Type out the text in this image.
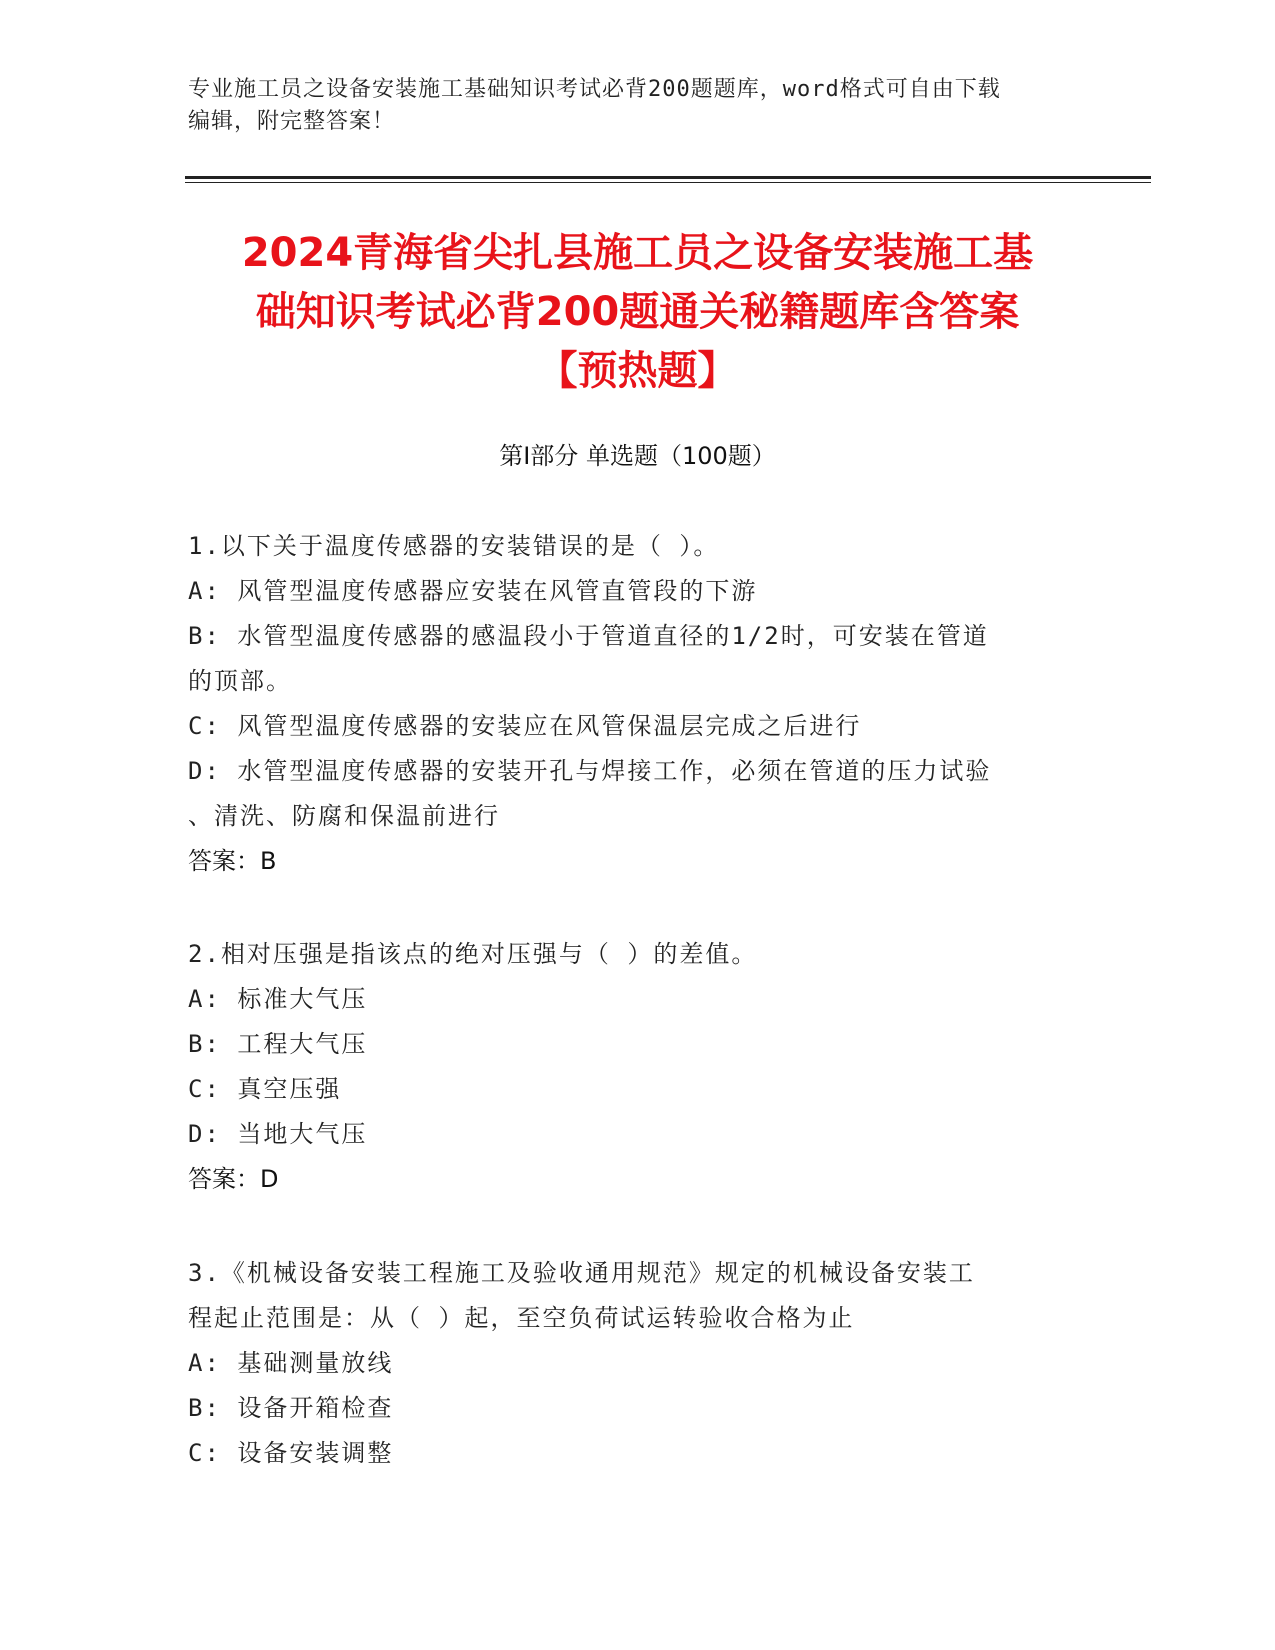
专业施工员之设备安装施工基础知识考试必背200题题库，word格式可自由下载
编辑，附完整答案！
2024青海省尖扎县施工员之设备安装施工基
础知识考试必背200题通关秘籍题库含答案
【预热题】
第Ⅰ部分 单选题（100题）
1.以下关于温度传感器的安装错误的是（ ）。
A: 风管型温度传感器应安装在风管直管段的下游
B: 水管型温度传感器的感温段小于管道直径的1/2时，可安装在管道
的顶部。
C: 风管型温度传感器的安装应在风管保温层完成之后进行
D: 水管型温度传感器的安装开孔与焊接工作，必须在管道的压力试验
、清洗、防腐和保温前进行
答案：B
2.相对压强是指该点的绝对压强与（ ）的差值。
A: 标准大气压
B: 工程大气压
C: 真空压强
D: 当地大气压
答案：D
3.《机械设备安装工程施工及验收通用规范》规定的机械设备安装工
程起止范围是：从（ ）起，至空负荷试运转验收合格为止
A: 基础测量放线
B: 设备开箱检查
C: 设备安装调整
